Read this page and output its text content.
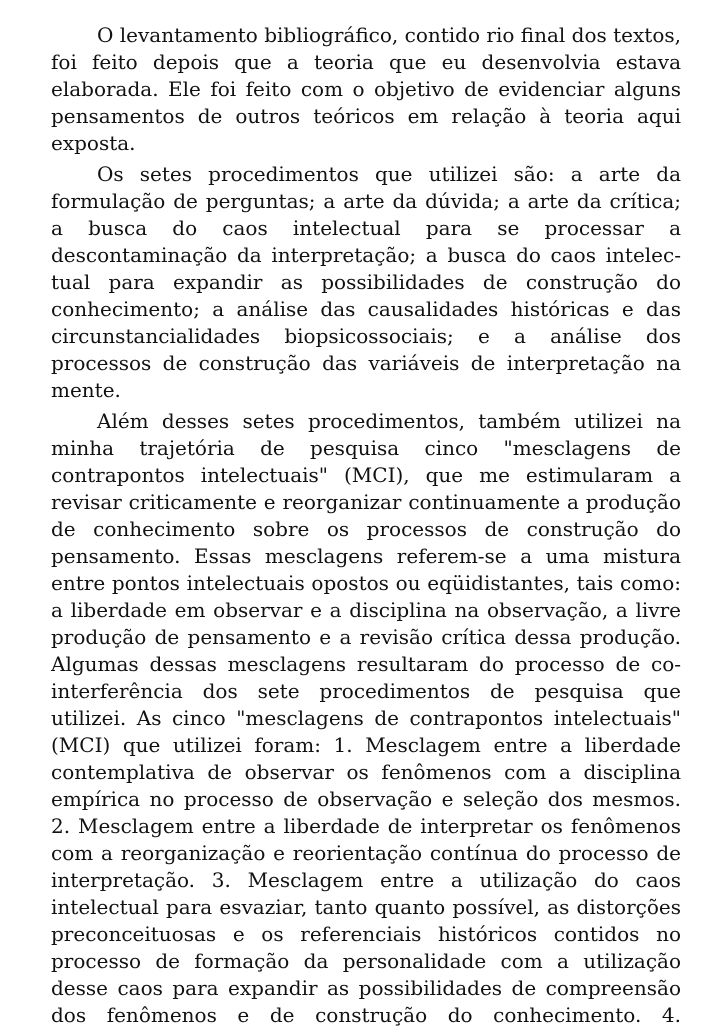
O levantamento bibliográfico, contido rio final dos textos, foi feito depois que a teoria que eu desenvolvia estava elaborada. Ele foi feito com o objetivo de evidenciar alguns pensamentos de outros teóricos em relação à teoria aqui exposta.

Os setes procedimentos que utilizei são: a arte da formulação de perguntas; a arte da dúvida; a arte da crítica; a busca do caos intelectual para se processar a descontaminação da interpretação; a busca do caos intelectual para expandir as possibilidades de construção do conhecimento; a análise das causalidades históricas e das circunstancialidades biopsicossociais; e a análise dos processos de construção das variáveis de interpretação na mente.

Além desses setes procedimentos, também utilizei na minha trajetória de pesquisa cinco "mesclagens de contrapontos intelectuais" (MCI), que me estimularam a revisar criticamente e reorganizar continuamente a produção de conhecimento sobre os processos de construção do pensamento. Essas mesclagens referem-se a uma mistura entre pontos intelectuais opostos ou eqüidistantes, tais como: a liberdade em observar e a disciplina na observação, a livre produção de pensamento e a revisão crítica dessa produção. Algumas dessas mesclagens resultaram do processo de co-interferência dos sete procedimentos de pesquisa que utilizei. As cinco "mesclagens de contrapontos intelectuais" (MCI) que utilizei foram: 1. Mesclagem entre a liberdade contemplativa de observar os fenômenos com a disciplina empírica no processo de observação e seleção dos mesmos. 2. Mesclagem entre a liberdade de interpretar os fenômenos com a reorganização e reorientação contínua do processo de interpretação. 3. Mesclagem entre a utilização do caos intelectual para esvaziar, tanto quanto possível, as distorções preconceituosas e os referenciais históricos contidos no processo de formação da personalidade com a utilização desse caos para expandir as possibilidades de compreensão dos fenômenos e de construção do conhecimento. 4.
